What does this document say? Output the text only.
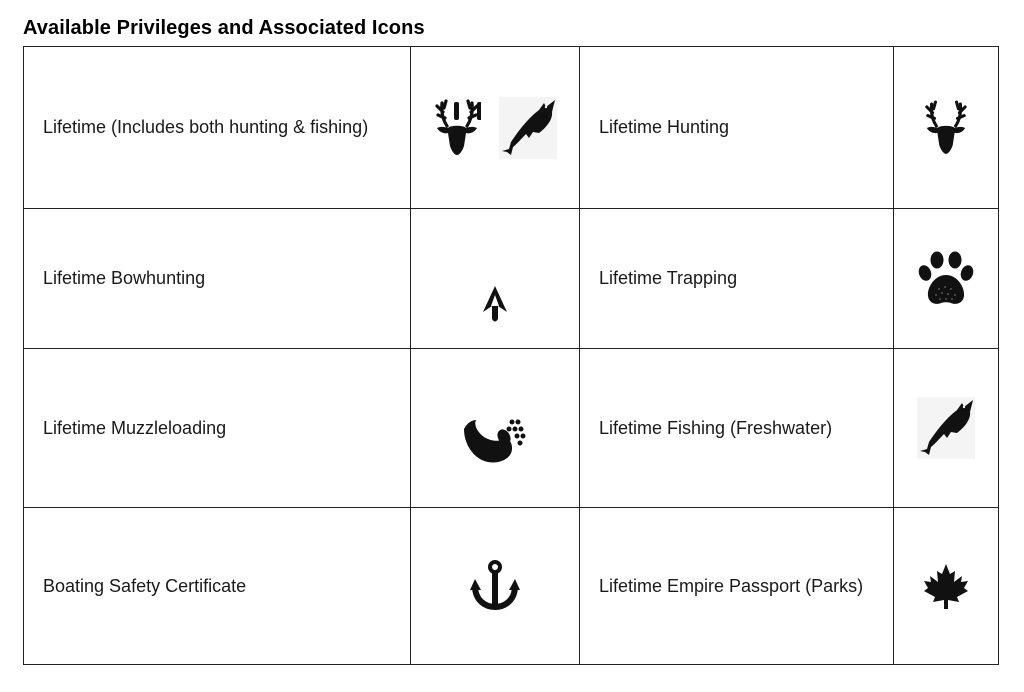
Available Privileges and Associated Icons
Lifetime (Includes both hunting & fishing)		Lifetime Hunting	
Lifetime Bowhunting		Lifetime Trapping	
Lifetime Muzzleloading		Lifetime Fishing (Freshwater)	
Boating Safety Certificate		Lifetime Empire Passport (Parks)	
